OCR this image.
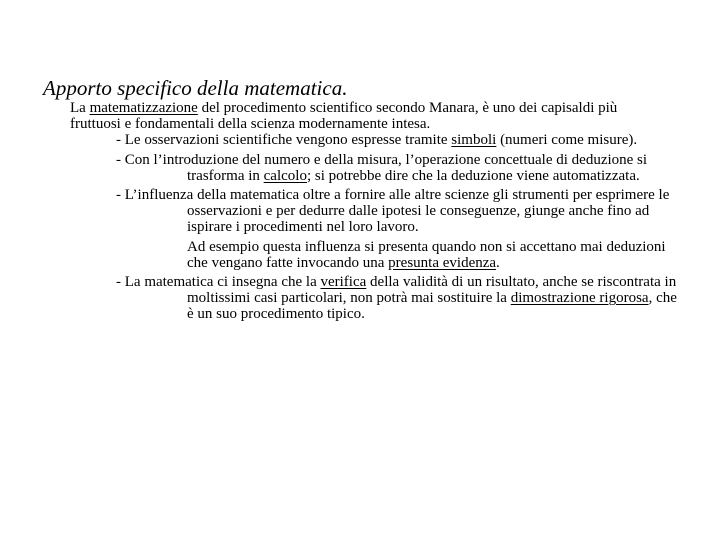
Apporto specifico della matematica.

La matematizzazione del procedimento scientifico secondo Manara, è uno dei capisaldi più fruttuosi e fondamentali della scienza modernamente intesa.

- Le osservazioni scientifiche vengono espresse tramite simboli (numeri come misure).

- Con l’introduzione del numero e della misura, l’operazione concettuale di deduzione si trasforma in calcolo; si potrebbe dire che la deduzione viene automatizzata.

- L’influenza della matematica oltre a fornire alle altre scienze gli strumenti per esprimere le osservazioni e per dedurre dalle ipotesi le conseguenze, giunge anche fino ad ispirare i procedimenti nel loro lavoro.

Ad esempio questa influenza si presenta quando non si accettano mai deduzioni che vengano fatte invocando una presunta evidenza.

- La matematica ci insegna che la verifica della validità di un risultato, anche se riscontrata in moltissimi casi particolari, non potrà mai sostituire la dimostrazione rigorosa, che è un suo procedimento tipico.
